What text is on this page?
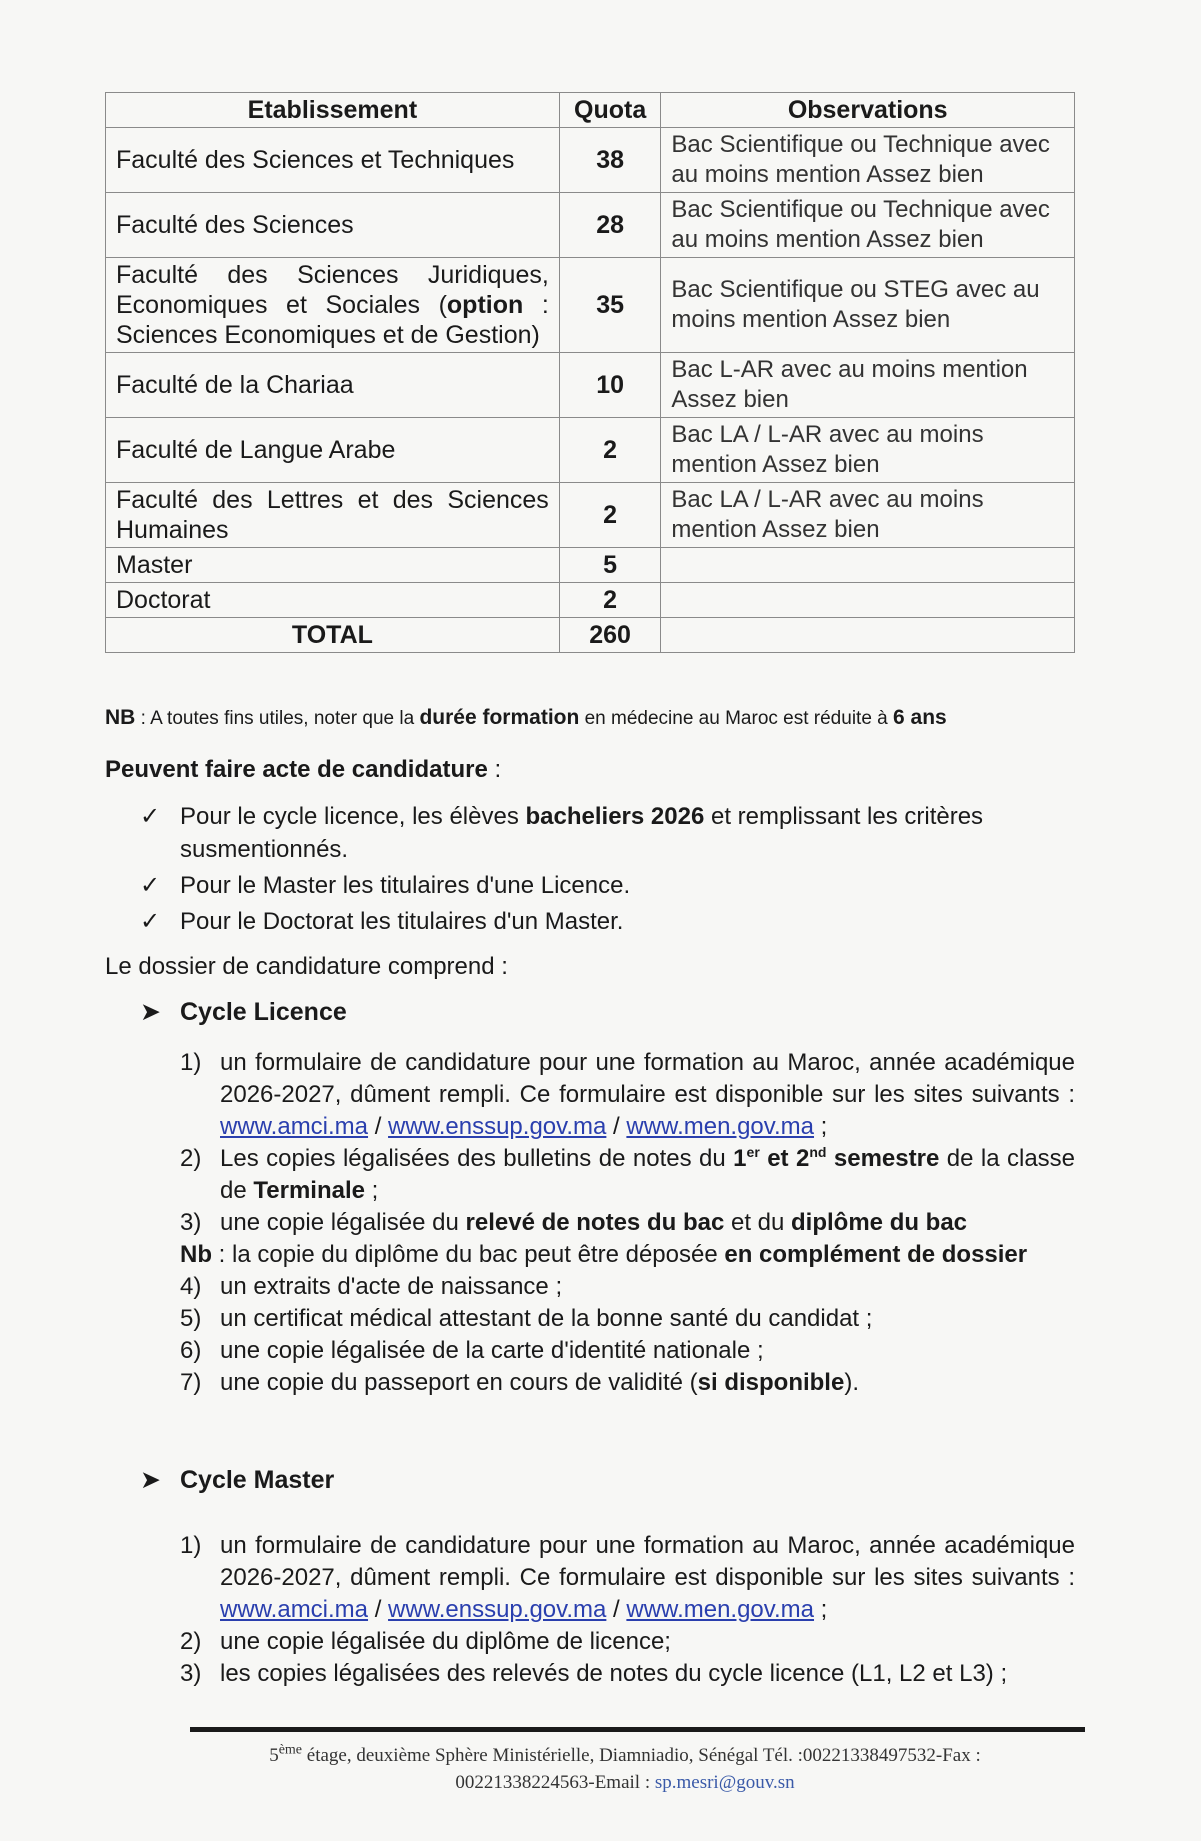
Etablissement	Quota	Observations
Faculté des Sciences et Techniques	38	Bac Scientifique ou Technique avec au moins mention Assez bien
Faculté des Sciences	28	Bac Scientifique ou Technique avec au moins mention Assez bien
Faculté des Sciences Juridiques, Economiques et Sociales (option : Sciences Economiques et de Gestion)	35	Bac Scientifique ou STEG avec au moins mention Assez bien
Faculté de la Chariaa	10	Bac L-AR avec au moins mention Assez bien
Faculté de Langue Arabe	2	Bac LA / L-AR avec au moins mention Assez bien
Faculté des Lettres et des Sciences Humaines	2	Bac LA / L-AR avec au moins mention Assez bien
Master	5	
Doctorat	2	
TOTAL	260	
NB : A toutes fins utiles, noter que la durée formation en médecine au Maroc est réduite à 6 ans
Peuvent faire acte de candidature :
✓ Pour le cycle licence, les élèves bacheliers 2026 et remplissant les critères susmentionnés.
✓ Pour le Master les titulaires d'une Licence.
✓ Pour le Doctorat les titulaires d'un Master.
Le dossier de candidature comprend :
➤ Cycle Licence
1) un formulaire de candidature pour une formation au Maroc, année académique 2026-2027, dûment rempli. Ce formulaire est disponible sur les sites suivants : www.amci.ma / www.enssup.gov.ma / www.men.gov.ma ;
2) Les copies légalisées des bulletins de notes du 1er et 2nd semestre de la classe de Terminale ;
3) une copie légalisée du relevé de notes du bac et du diplôme du bac
Nb : la copie du diplôme du bac peut être déposée en complément de dossier
4) un extraits d'acte de naissance ;
5) un certificat médical attestant de la bonne santé du candidat ;
6) une copie légalisée de la carte d'identité nationale ;
7) une copie du passeport en cours de validité (si disponible).
➤ Cycle Master
1) un formulaire de candidature pour une formation au Maroc, année académique 2026-2027, dûment rempli. Ce formulaire est disponible sur les sites suivants : www.amci.ma / www.enssup.gov.ma / www.men.gov.ma ;
2) une copie légalisée du diplôme de licence;
3) les copies légalisées des relevés de notes du cycle licence (L1, L2 et L3) ;
5ème étage, deuxième Sphère Ministérielle, Diamniadio, Sénégal Tél. :00221338497532-Fax :
00221338224563-Email : sp.mesri@gouv.sn
